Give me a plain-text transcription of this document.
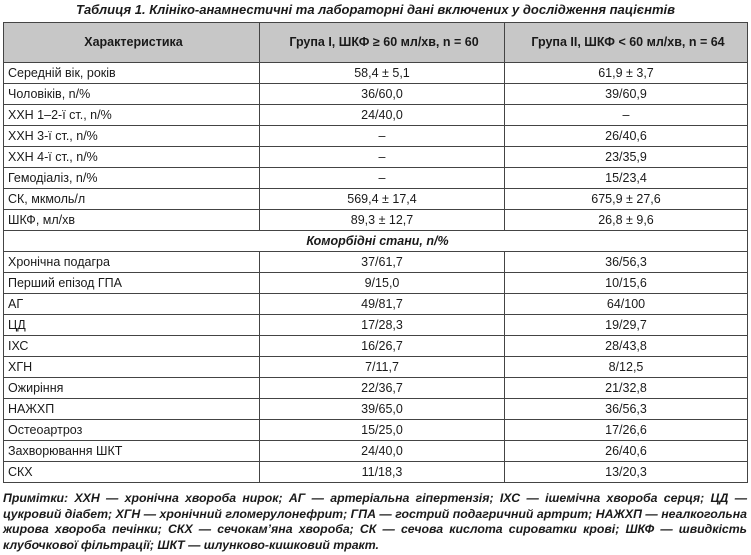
Таблиця 1. Клініко-анамнестичні та лабораторні дані включених у дослідження пацієнтів
Характеристика	Група I, ШКФ ≥ 60 мл/хв, n = 60	Група II, ШКФ < 60 мл/хв, n = 64
Середній вік, років	58,4 ± 5,1	61,9 ± 3,7
Чоловіків, n/%	36/60,0	39/60,9
ХХН 1–2-ї ст., n/%	24/40,0	–
ХХН 3-ї ст., n/%	–	26/40,6
ХХН 4-ї ст., n/%	–	23/35,9
Гемодіаліз, n/%	–	15/23,4
СК, мкмоль/л	569,4 ± 17,4	675,9 ± 27,6
ШКФ, мл/хв	89,3 ± 12,7	26,8 ± 9,6
Коморбідні стани, n/%		
Хронічна подагра	37/61,7	36/56,3
Перший епізод ГПА	9/15,0	10/15,6
АГ	49/81,7	64/100
ЦД	17/28,3	19/29,7
ІХС	16/26,7	28/43,8
ХГН	7/11,7	8/12,5
Ожиріння	22/36,7	21/32,8
НАЖХП	39/65,0	36/56,3
Остеоартроз	15/25,0	17/26,6
Захворювання ШКТ	24/40,0	26/40,6
СКХ	11/18,3	13/20,3
Примітки: ХХН — хронічна хвороба нирок; АГ — артеріальна гіпертензія; ІХС — ішемічна хвороба серця; ЦД — цукровий діабет; ХГН — хронічний гломерулонефрит; ГПА — гострий подагричний артрит; НАЖХП — неалкогольна жирова хвороба печінки; СКХ — сечокам’яна хвороба; СК — сечова кислота сироватки крові; ШКФ — швидкість клубочкової фільтрації; ШКТ — шлунково-кишковий тракт.
